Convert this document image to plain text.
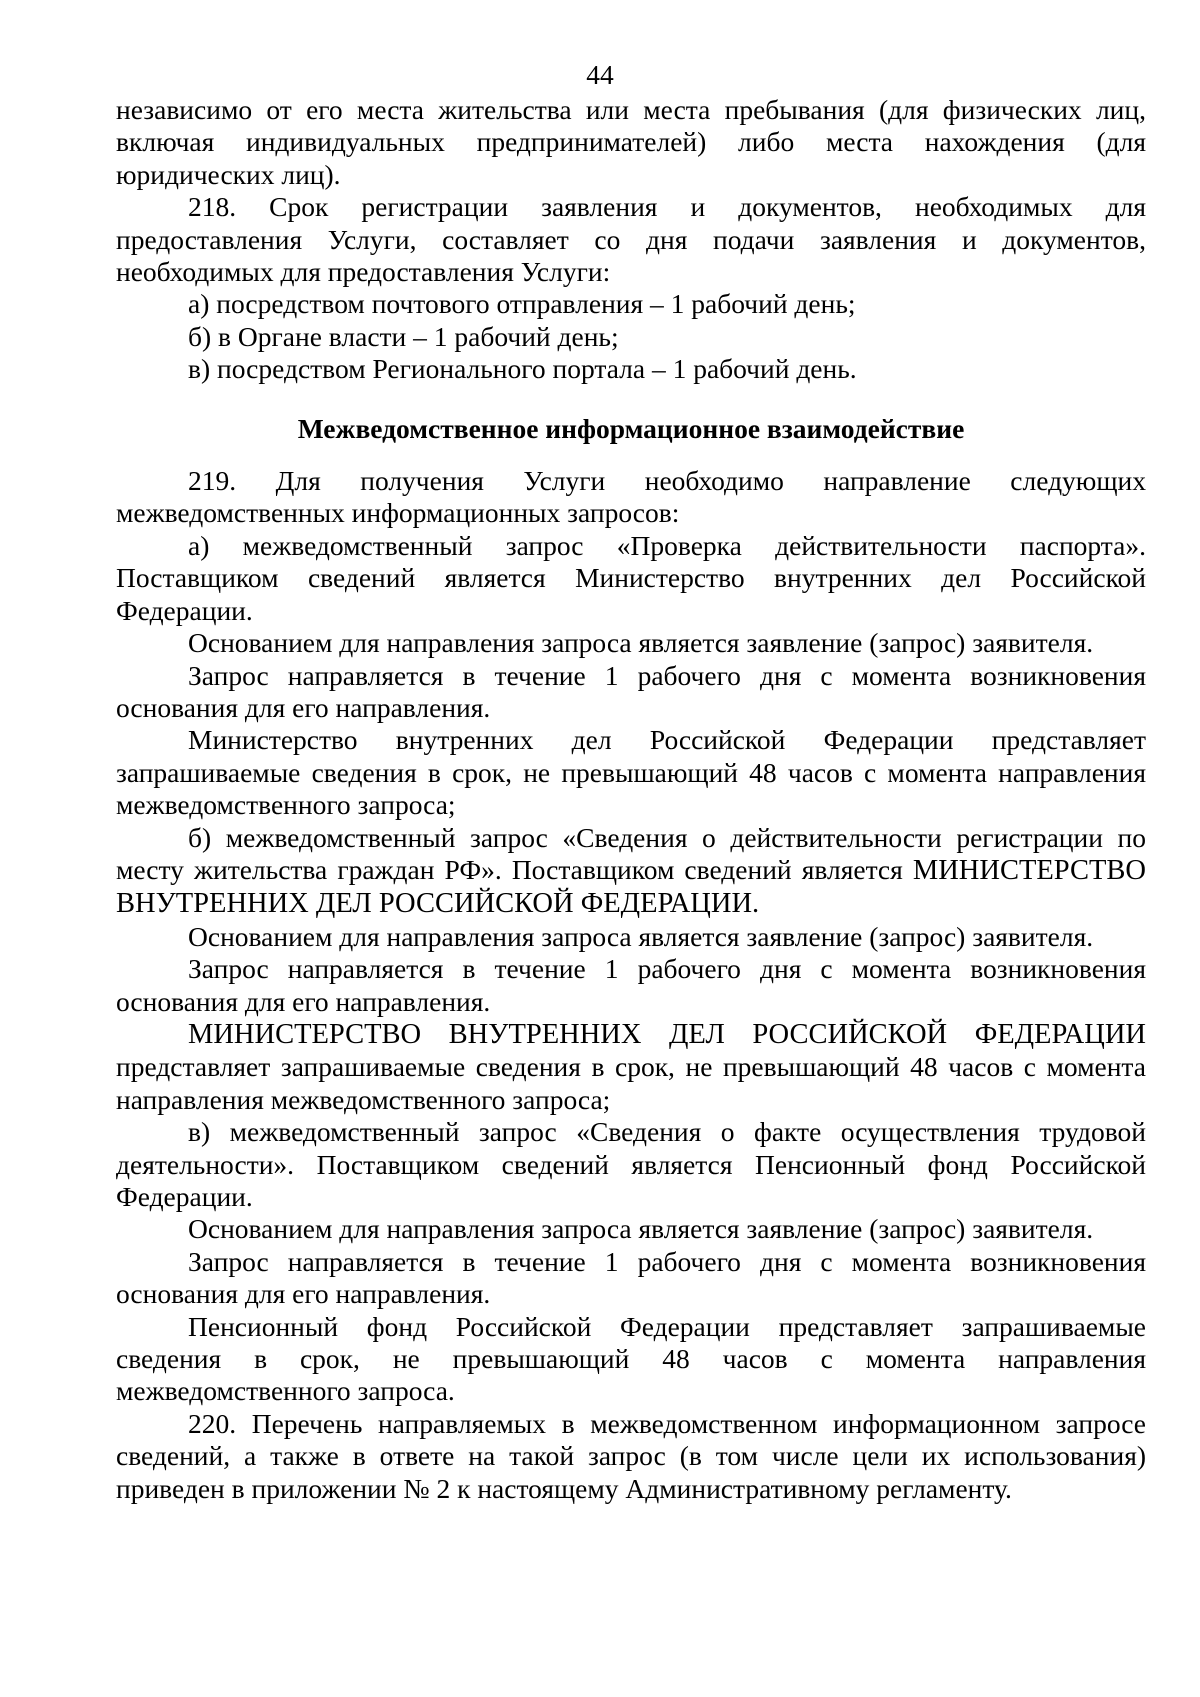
44

независимо от его места жительства или места пребывания (для физических лиц, включая индивидуальных предпринимателей) либо места нахождения (для юридических лиц).

218. Срок регистрации заявления и документов, необходимых для предоставления Услуги, составляет со дня подачи заявления и документов, необходимых для предоставления Услуги:

а) посредством почтового отправления – 1 рабочий день;

б) в Органе власти – 1 рабочий день;

в) посредством Регионального портала – 1 рабочий день.

Межведомственное информационное взаимодействие

219. Для получения Услуги необходимо направление следующих межведомственных информационных запросов:

а) межведомственный запрос «Проверка действительности паспорта». Поставщиком сведений является Министерство внутренних дел Российской Федерации.

Основанием для направления запроса является заявление (запрос) заявителя.

Запрос направляется в течение 1 рабочего дня с момента возникновения основания для его направления.

Министерство внутренних дел Российской Федерации представляет запрашиваемые сведения в срок, не превышающий 48 часов с момента направления межведомственного запроса;

б) межведомственный запрос «Сведения о действительности регистрации по месту жительства граждан РФ». Поставщиком сведений является МИНИСТЕРСТВО ВНУТРЕННИХ ДЕЛ РОССИЙСКОЙ ФЕДЕРАЦИИ.

Основанием для направления запроса является заявление (запрос) заявителя.

Запрос направляется в течение 1 рабочего дня с момента возникновения основания для его направления.

МИНИСТЕРСТВО ВНУТРЕННИХ ДЕЛ РОССИЙСКОЙ ФЕДЕРАЦИИ представляет запрашиваемые сведения в срок, не превышающий 48 часов с момента направления межведомственного запроса;

в) межведомственный запрос «Сведения о факте осуществления трудовой деятельности». Поставщиком сведений является Пенсионный фонд Российской Федерации.

Основанием для направления запроса является заявление (запрос) заявителя.

Запрос направляется в течение 1 рабочего дня с момента возникновения основания для его направления.

Пенсионный фонд Российской Федерации представляет запрашиваемые сведения в срок, не превышающий 48 часов с момента направления межведомственного запроса.

220. Перечень направляемых в межведомственном информационном запросе сведений, а также в ответе на такой запрос (в том числе цели их использования) приведен в приложении № 2 к настоящему Административному регламенту.
